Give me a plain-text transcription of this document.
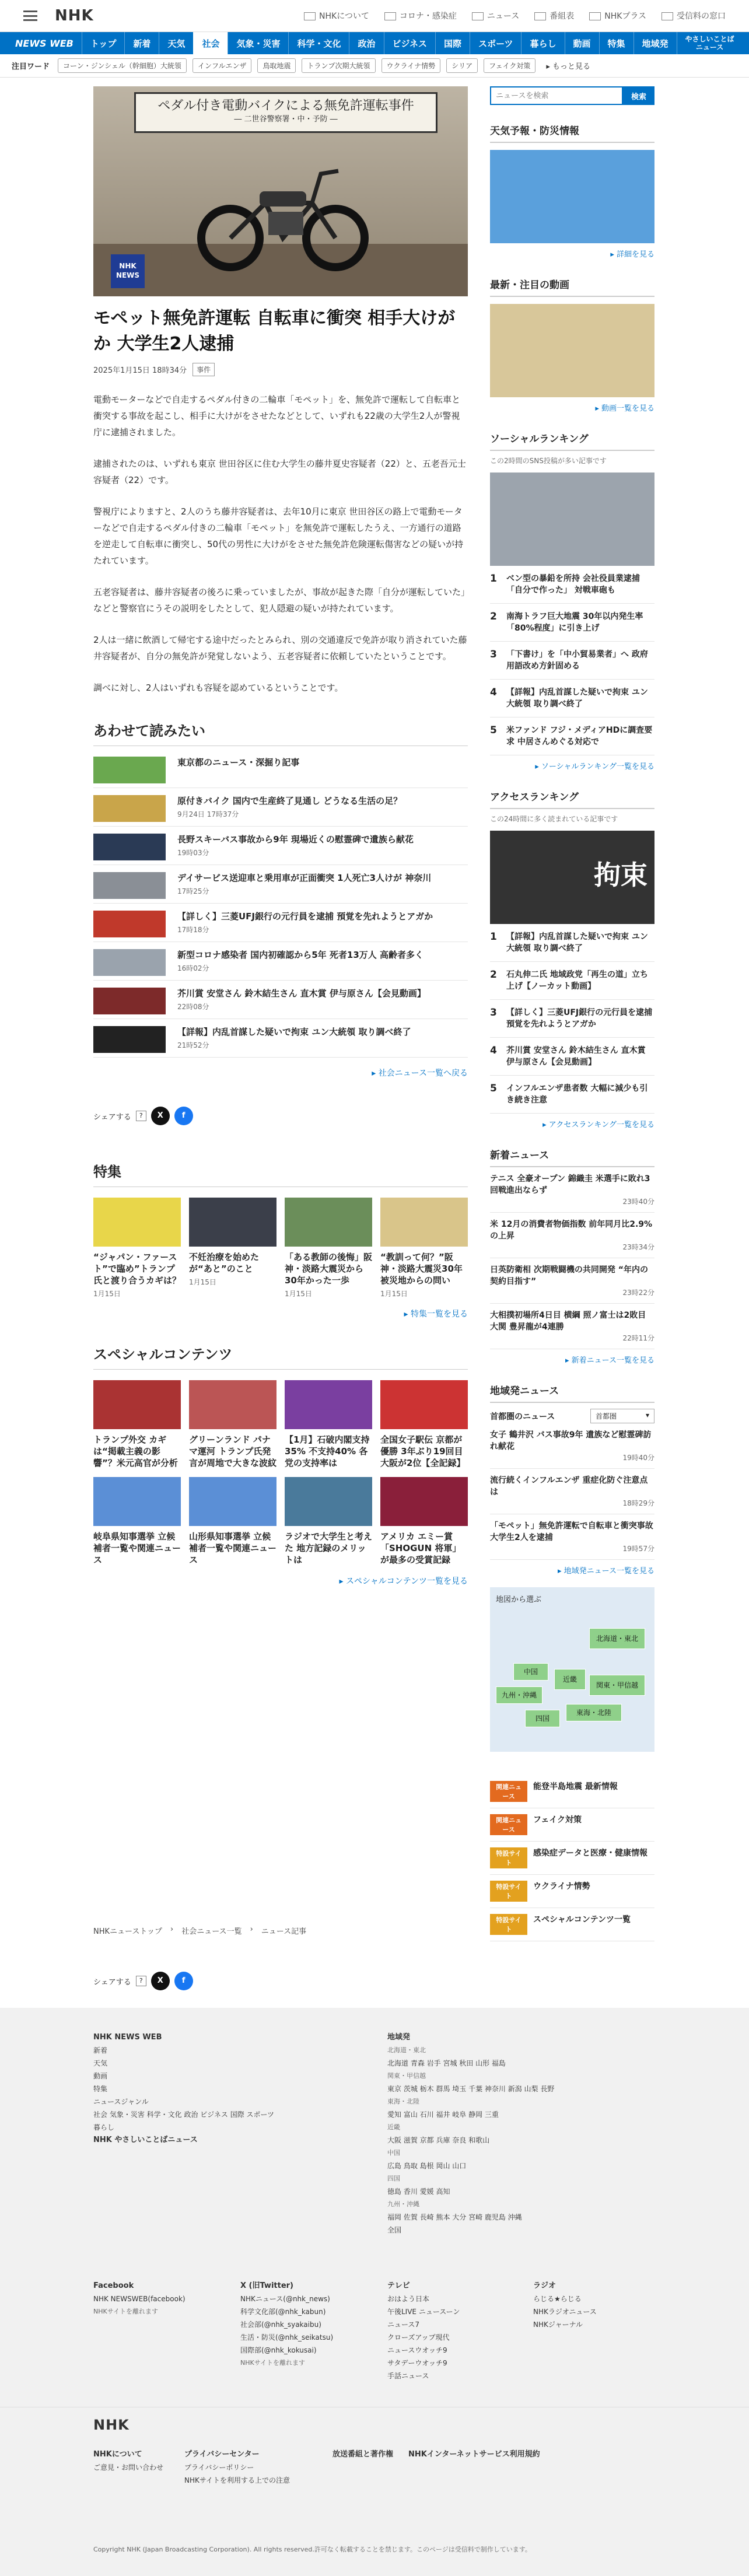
NHK	NHKについて	コロナ・感染症	ニュース	番組表	NHKプラス	受信料の窓口
NEWS WEB	トップ	新着	天気	社会	気象・災害	科学・文化	政治	ビジネス	国際	スポーツ	暮らし	動画	特集	地域発	やさしいことば
ニュース
注目ワード	コーン・ジンシェル（幹細胞）大統領	インフルエンザ	鳥取地震	トランプ次期大統領	ウクライナ情勢	シリア	フェイク対策	▸ もっと見る
ペダル付き電動バイクによる無免許運転事件
― 二世谷警察署・中・予防 ―
NHK NEWS
モペット無免許運転 自転車に衝突 相手大けがか 大学生2人逮捕
2025年1月15日 18時34分	事件

電動モーターなどで自走するペダル付きの二輪車「モペット」を、無免許で運転して自転車と衝突する事故を起こし、相手に大けがをさせたなどとして、いずれも22歳の大学生2人が警視庁に逮捕されました。

逮捕されたのは、いずれも東京 世田谷区に住む大学生の藤井夏史容疑者（22）と、五老吾元士容疑者（22）です。

警視庁によりますと、2人のうち藤井容疑者は、去年10月に東京 世田谷区の路上で電動モーターなどで自走するペダル付きの二輪車「モペット」を無免許で運転したうえ、一方通行の道路を逆走して自転車に衝突し、50代の男性に大けがをさせた無免許危険運転傷害などの疑いが持たれています。

五老容疑者は、藤井容疑者の後ろに乗っていましたが、事故が起きた際「自分が運転していた」などと警察官にうその説明をしたとして、犯人隠避の疑いが持たれています。

2人は一緒に飲酒して帰宅する途中だったとみられ、別の交通違反で免許が取り消されていた藤井容疑者が、自分の無免許が発覚しないよう、五老容疑者に依頼していたということです。

調べに対し、2人はいずれも容疑を認めているということです。

あわせて読みたい
東京都のニュース・深掘り記事
原付きバイク 国内で生産終了見通し どうなる生活の足？
9月24日 17時37分
長野スキーバス事故から9年 現場近くの慰霊碑で遺族ら献花
19時03分
デイサービス送迎車と乗用車が正面衝突 1人死亡3人けが 神奈川
17時25分
【詳しく】三菱UFJ銀行の元行員を逮捕 預覚を先れようとアガか
17時18分
新型コロナ感染者 国内初確認から5年 死者13万人 高齢者多く
16時02分
芥川賞 安堂さん 鈴木結生さん 直木賞 伊与原さん【会見動画】
22時08分
【詳報】内乱首謀した疑いで拘束 ユン大統領 取り調べ終了
21時52分
▸ 社会ニュース一覧へ戻る
シェアする	?	X	f
特集
“ジャパン・ファースト”で臨め”トランプ氏と渡り合うカギは？
1月15日
不妊治療を始めたが“あと”のこと
1月15日
「ある教師の後悔」阪神・淡路大震災から30年かった一歩
1月15日
“教訓って何？”阪神・淡路大震災30年 被災地からの問い
1月15日
▸ 特集一覧を見る
スペシャルコンテンツ
トランプ外交 カギは“掲載主義の影響”？米元高官が分析
グリーンランド パナマ運河 トランプ氏発言が周地で大きな波紋
【1月】石破内閣支持35% 不支持40% 各党の支持率は
全国女子駅伝 京都が優勝 3年ぶり19回目 大阪が2位【全記録】
岐阜県知事選挙 立候補者一覧や関連ニュース
山形県知事選挙 立候補者一覧や関連ニュース
ラジオで大学生と考えた 地方記録のメリットは
アメリカ エミー賞「SHOGUN 将軍」が最多の受賞記録
▸ スペシャルコンテンツ一覧を見る
ニュースを検索
検索
天気予報・防災情報
▸ 詳細を見る
最新・注目の動画
▸ 動画一覧を見る
ソーシャルランキング
この2時間のSNS投稿が多い記事です
1	ベン型の暴鉛を所持 会社役員業逮捕「自分で作った」 対戦車砲も
2	南海トラフ巨大地震 30年以内発生率「80%程度」に引き上げ
3	「下書け」を「中小貿易業者」へ 政府 用語改め方針固める
4	【詳報】内乱首謀した疑いで拘束 ユン大統領 取り調べ終了
5	米ファンド フジ・メディアHDに調査要求 中居さんめぐる対応で
▸ ソーシャルランキング一覧を見る
アクセスランキング
この24時間に多く読まれている記事です
拘束
1	【詳報】内乱首謀した疑いで拘束 ユン大統領 取り調べ終了
2	石丸伸二氏 地域政党「再生の道」立ち上げ【ノーカット動画】
3	【詳しく】三菱UFJ銀行の元行員を逮捕 預覚を先れようとアガか
4	芥川賞 安堂さん 鈴木結生さん 直木賞 伊与原さん【会見動画】
5	インフルエンザ患者数 大幅に減少も引き続き注意
▸ アクセスランキング一覧を見る
新着ニュース
テニス 全豪オープン 錦織圭 米選手に敗れ3回戦進出ならず
23時40分
米 12月の消費者物価指数 前年同月比2.9%の上昇
23時34分
日英防衛相 次期戦闘機の共同開発 “年内の契約目指す”
23時22分
大相撲初場所4日目 横綱 照ノ富士は2敗目 大関 豊昇龍が4連勝
22時11分
▸ 新着ニュース一覧を見る
地域発ニュース
首都圏のニュース	首都圏	▾
女子 鶴井沢 バス事故9年 遺族など慰霊碑訪れ献花
19時40分
流行続くインフルエンザ 重症化防ぐ注意点は
18時29分
「モペット」無免許運転で自転車と衝突事故 大学生2人を逮捕
19時57分
▸ 地域発ニュース一覧を見る
地図から選ぶ
北海道・東北
関東・甲信越
近畿
中国
九州・沖縄
四国
東海・北陸
関連ニュース
能登半島地震 最新情報
関連ニュース
フェイク対策
特設サイト
感染症データと医療・健康情報
特設サイト
ウクライナ情勢
特設サイト
スペシャルコンテンツ一覧
NHKニューストップ › 社会ニュース一覧 › ニュース記事
シェアする	?	X	f
NHK NEWS WEB
新着
天気
動画
特集
ニュースジャンル
社会 気象・災害 科学・文化 政治 ビジネス 国際 スポーツ
暮らし
NHK やさしいことばニュース
地域発
北海道・東北
北海道 青森 岩手 宮城 秋田 山形 福島
関東・甲信越
東京 茨城 栃木 群馬 埼玉 千葉 神奈川 新潟 山梨 長野
東海・北陸
愛知 富山 石川 福井 岐阜 静岡 三重
近畿
大阪 滋賀 京都 兵庫 奈良 和歌山
中国
広島 鳥取 島根 岡山 山口
四国
徳島 香川 愛媛 高知
九州・沖縄
福岡 佐賀 長崎 熊本 大分 宮崎 鹿児島 沖縄
全国
Facebook
NHK NEWSWEB(facebook)
NHKサイトを離れます
X (旧Twitter)
NHKニュース(@nhk_news)
科学文化部(@nhk_kabun)
社会部(@nhk_syakaibu)
生活・防災(@nhk_seikatsu)
国際部(@nhk_kokusai)
NHKサイトを離れます
テレビ
おはよう日本
午後LIVE ニュースーン
ニュース7
クローズアップ現代
ニュースウオッチ9
サタデーウオッチ9
手話ニュース
ラジオ
らじる★らじる
NHKラジオニュース
NHKジャーナル
NHK
NHKについて
ご意見・お問い合わせ
プライバシーセンター
プライバシーポリシー
NHKサイトを利用する上での注意
放送番組と著作権 NHKインターネットサービス利用規約
Copyright NHK (Japan Broadcasting Corporation). All rights reserved.許可なく転載することを禁じます。このページは受信料で制作しています。
